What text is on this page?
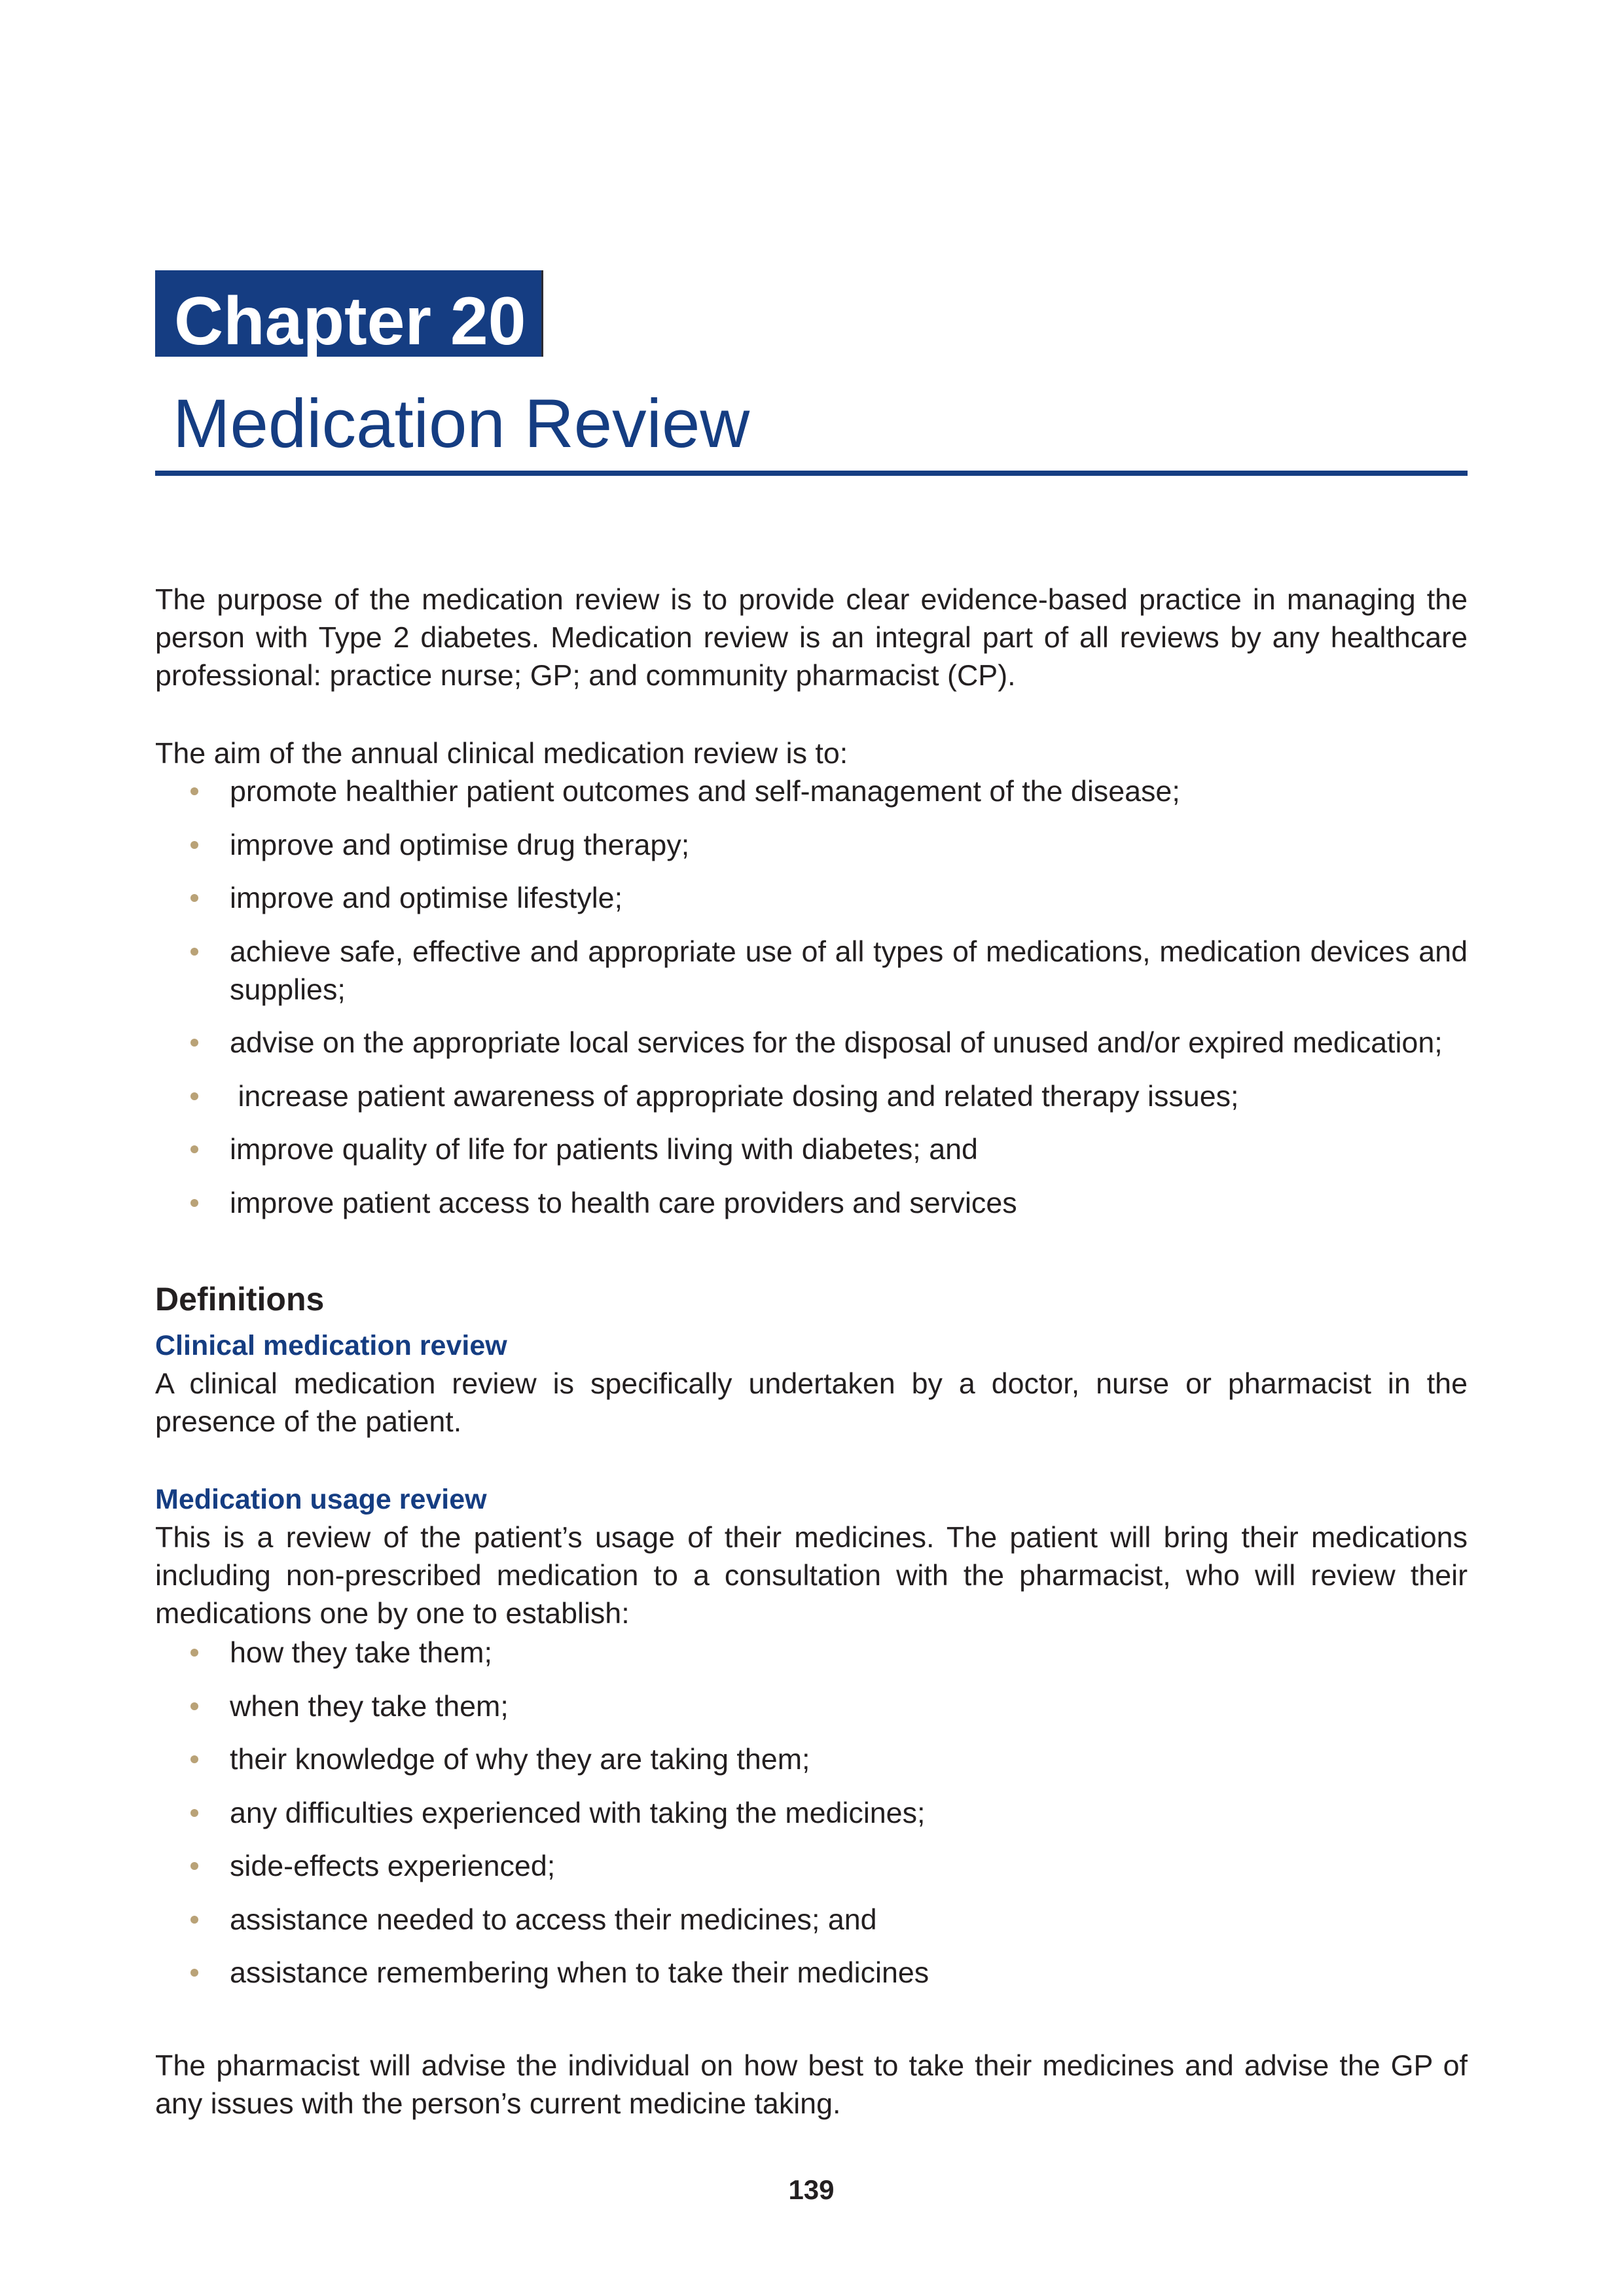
Chapter 20
Medication Review

The purpose of the medication review is to provide clear evidence-based practice in managing the person with Type 2 diabetes. Medication review is an integral part of all reviews by any healthcare professional: practice nurse; GP; and community pharmacist (CP).

The aim of the annual clinical medication review is to:

promote healthier patient outcomes and self-management of the disease;
improve and optimise drug therapy;
improve and optimise lifestyle;
achieve safe, effective and appropriate use of all types of medications, medication devices and supplies;
advise on the appropriate local services for the disposal of unused and/or expired medication;
increase patient awareness of appropriate dosing and related therapy issues;
improve quality of life for patients living with diabetes; and
improve patient access to health care providers and services
Definitions
Clinical medication review

A clinical medication review is specifically undertaken by a doctor, nurse or pharmacist in the presence of the patient.

Medication usage review

This is a review of the patient’s usage of their medicines. The patient will bring their medications including non-prescribed medication to a consultation with the pharmacist, who will review their medications one by one to establish:

how they take them;
when they take them;
their knowledge of why they are taking them;
any difficulties experienced with taking the medicines;
side-effects experienced;
assistance needed to access their medicines; and
assistance remembering when to take their medicines

The pharmacist will advise the individual on how best to take their medicines and advise the GP of any issues with the person’s current medicine taking.

139
